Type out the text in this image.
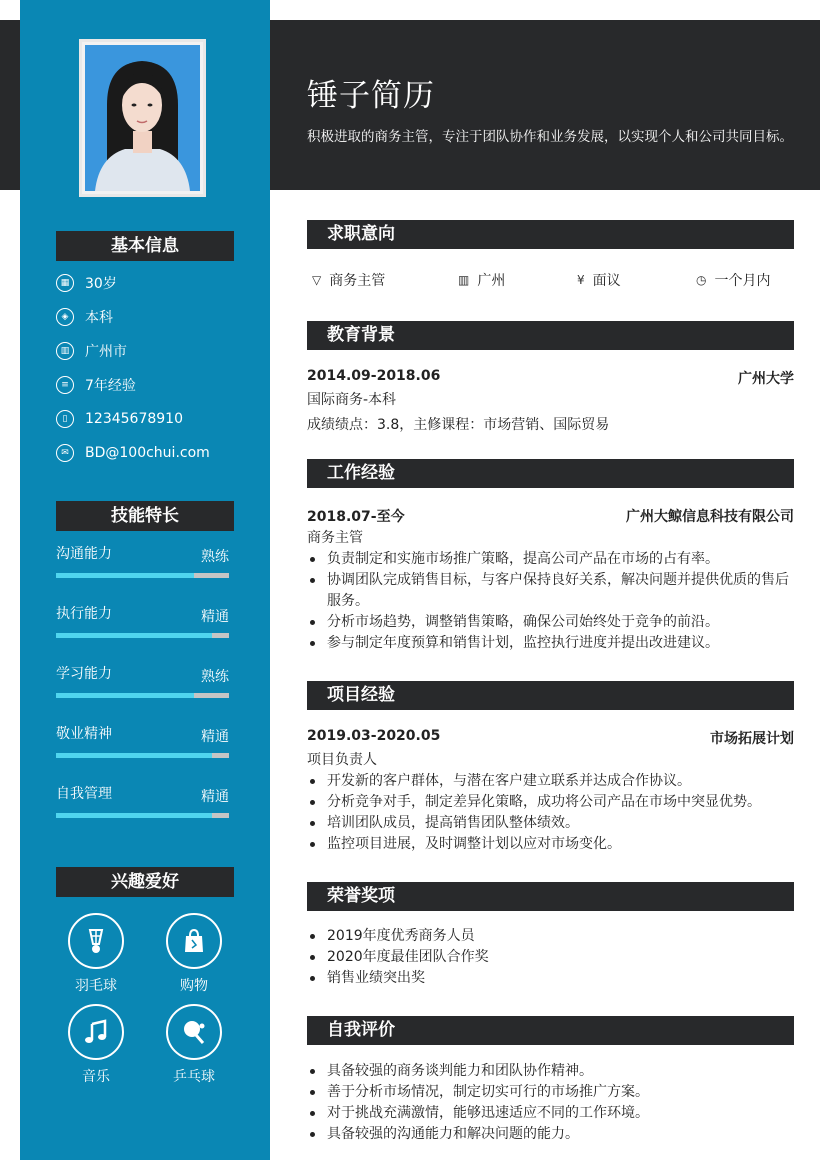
锤子简历
积极进取的商务主管，专注于团队协作和业务发展，以实现个人和公司共同目标。
基本信息
▦	30岁
◈	本科
▥	广州市
≡	7年经验
▯	12345678910
✉	BD@100chui.com
技能特长
沟通能力	熟练
执行能力	精通
学习能力	熟练
敬业精神	精通
自我管理	精通
兴趣爱好
羽毛球	购物
音乐	乒乓球
求职意向
▽ 商务主管	▥ 广州	¥ 面议	◷ 一个月内
教育背景
2014.09-2018.06	广州大学
国际商务-本科
成绩绩点：3.8，主修课程：市场营销、国际贸易
工作经验
2018.07-至今	广州大鲸信息科技有限公司
商务主管
负责制定和实施市场推广策略，提高公司产品在市场的占有率。
协调团队完成销售目标，与客户保持良好关系，解决问题并提供优质的售后服务。
分析市场趋势，调整销售策略，确保公司始终处于竞争的前沿。
参与制定年度预算和销售计划，监控执行进度并提出改进建议。
项目经验
2019.03-2020.05	市场拓展计划
项目负责人
开发新的客户群体，与潜在客户建立联系并达成合作协议。
分析竞争对手，制定差异化策略，成功将公司产品在市场中突显优势。
培训团队成员，提高销售团队整体绩效。
监控项目进展，及时调整计划以应对市场变化。
荣誉奖项
2019年度优秀商务人员
2020年度最佳团队合作奖
销售业绩突出奖
自我评价
具备较强的商务谈判能力和团队协作精神。
善于分析市场情况，制定切实可行的市场推广方案。
对于挑战充满激情，能够迅速适应不同的工作环境。
具备较强的沟通能力和解决问题的能力。
